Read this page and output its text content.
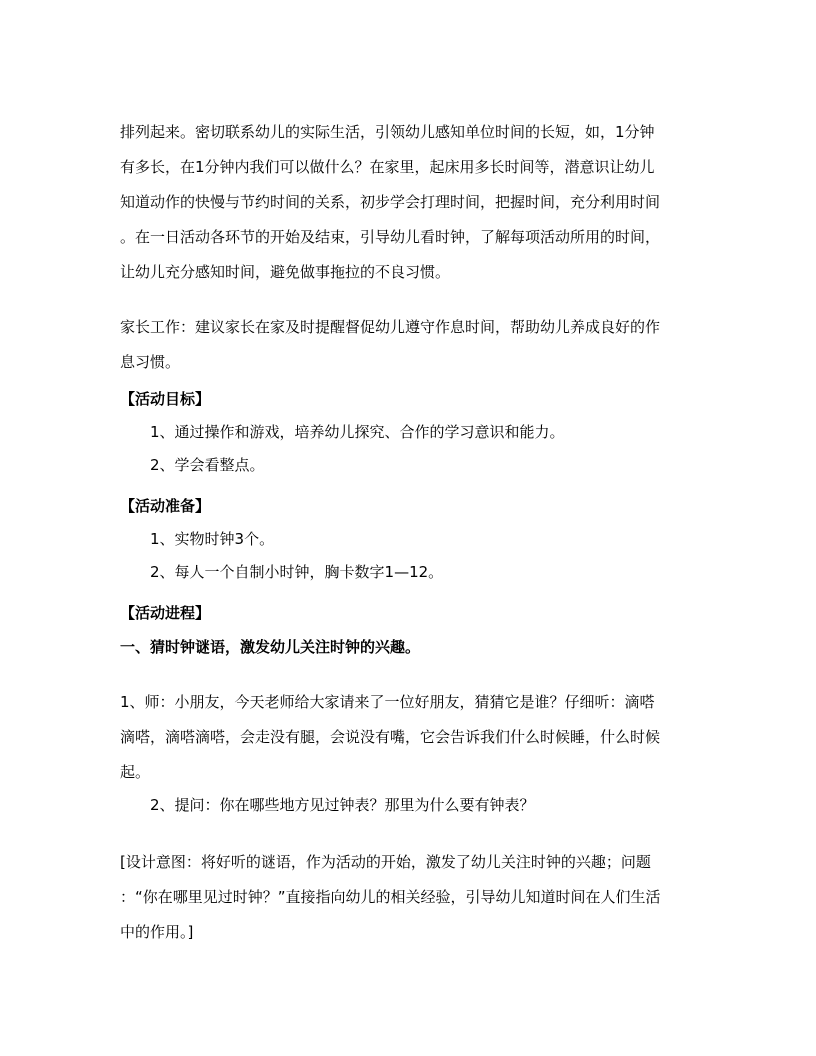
排列起来。密切联系幼儿的实际生活，引领幼儿感知单位时间的长短，如，1分钟
有多长，在1分钟内我们可以做什么？在家里，起床用多长时间等，潜意识让幼儿
知道动作的快慢与节约时间的关系，初步学会打理时间，把握时间，充分利用时间
。在一日活动各环节的开始及结束，引导幼儿看时钟，了解每项活动所用的时间，
让幼儿充分感知时间，避免做事拖拉的不良习惯。
家长工作：建议家长在家及时提醒督促幼儿遵守作息时间，帮助幼儿养成良好的作
息习惯。
【活动目标】
1、通过操作和游戏，培养幼儿探究、合作的学习意识和能力。
2、学会看整点。
【活动准备】
1、实物时钟3个。
2、每人一个自制小时钟，胸卡数字1—12。
【活动进程】
一、猜时钟谜语，激发幼儿关注时钟的兴趣。
1、师：小朋友，今天老师给大家请来了一位好朋友，猜猜它是谁？仔细听：滴嗒
滴嗒，滴嗒滴嗒，会走没有腿，会说没有嘴，它会告诉我们什么时候睡，什么时候
起。
2、提问：你在哪些地方见过钟表？那里为什么要有钟表？
[设计意图：将好听的谜语，作为活动的开始，激发了幼儿关注时钟的兴趣；问题
：“你在哪里见过时钟？”直接指向幼儿的相关经验，引导幼儿知道时间在人们生活
中的作用。]
